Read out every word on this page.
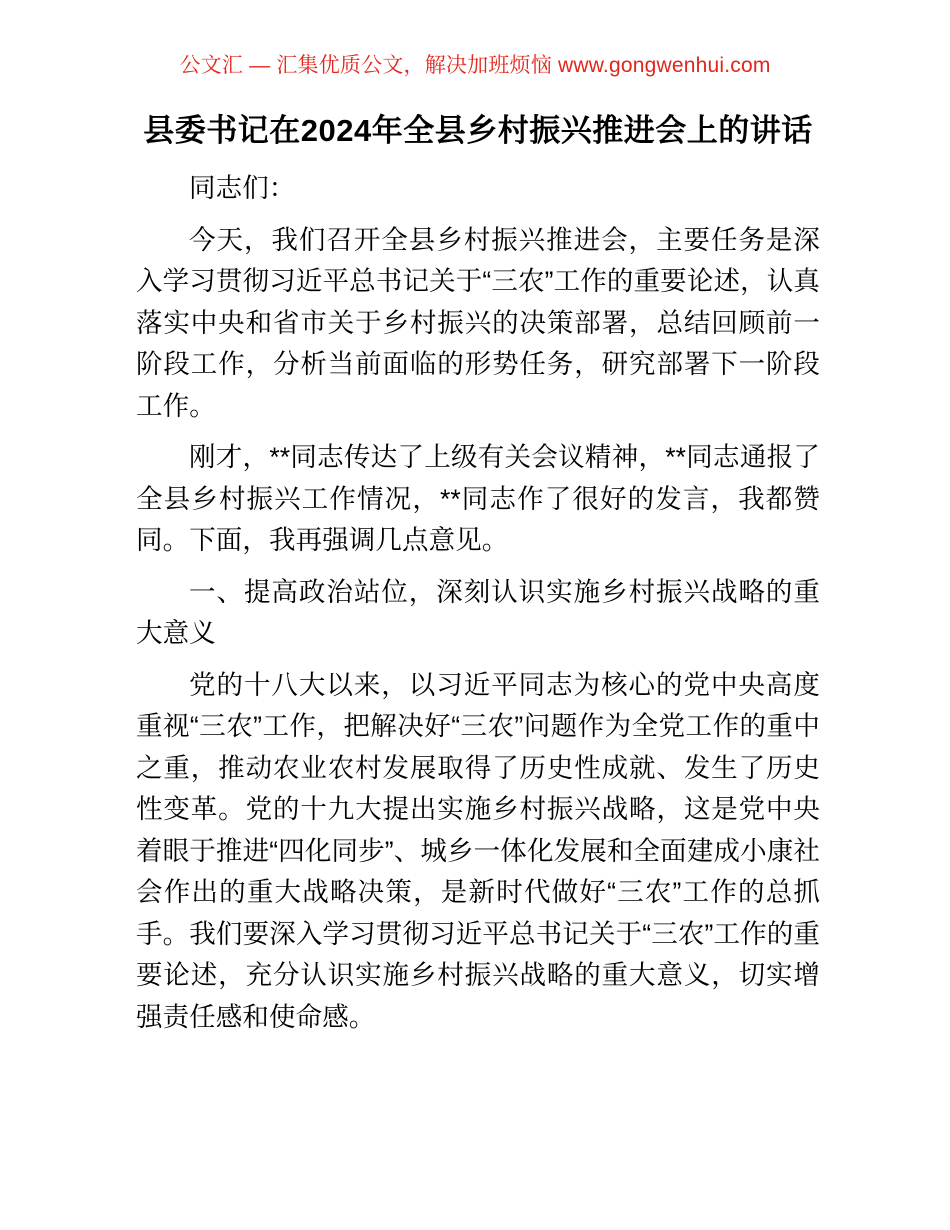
公文汇 — 汇集优质公文，解决加班烦恼 www.gongwenhui.com
县委书记在2024年全县乡村振兴推进会上的讲话

同志们：

今天，我们召开全县乡村振兴推进会，主要任务是深入学习贯彻习近平总书记关于“三农”工作的重要论述，认真落实中央和省市关于乡村振兴的决策部署，总结回顾前一阶段工作，分析当前面临的形势任务，研究部署下一阶段工作。

刚才，**同志传达了上级有关会议精神，**同志通报了全县乡村振兴工作情况，**同志作了很好的发言，我都赞同。下面，我再强调几点意见。

一、提高政治站位，深刻认识实施乡村振兴战略的重大意义

党的十八大以来，以习近平同志为核心的党中央高度重视“三农”工作，把解决好“三农”问题作为全党工作的重中之重，推动农业农村发展取得了历史性成就、发生了历史性变革。党的十九大提出实施乡村振兴战略，这是党中央着眼于推进“四化同步”、城乡一体化发展和全面建成小康社会作出的重大战略决策，是新时代做好“三农”工作的总抓手。我们要深入学习贯彻习近平总书记关于“三农”工作的重要论述，充分认识实施乡村振兴战略的重大意义，切实增强责任感和使命感。
